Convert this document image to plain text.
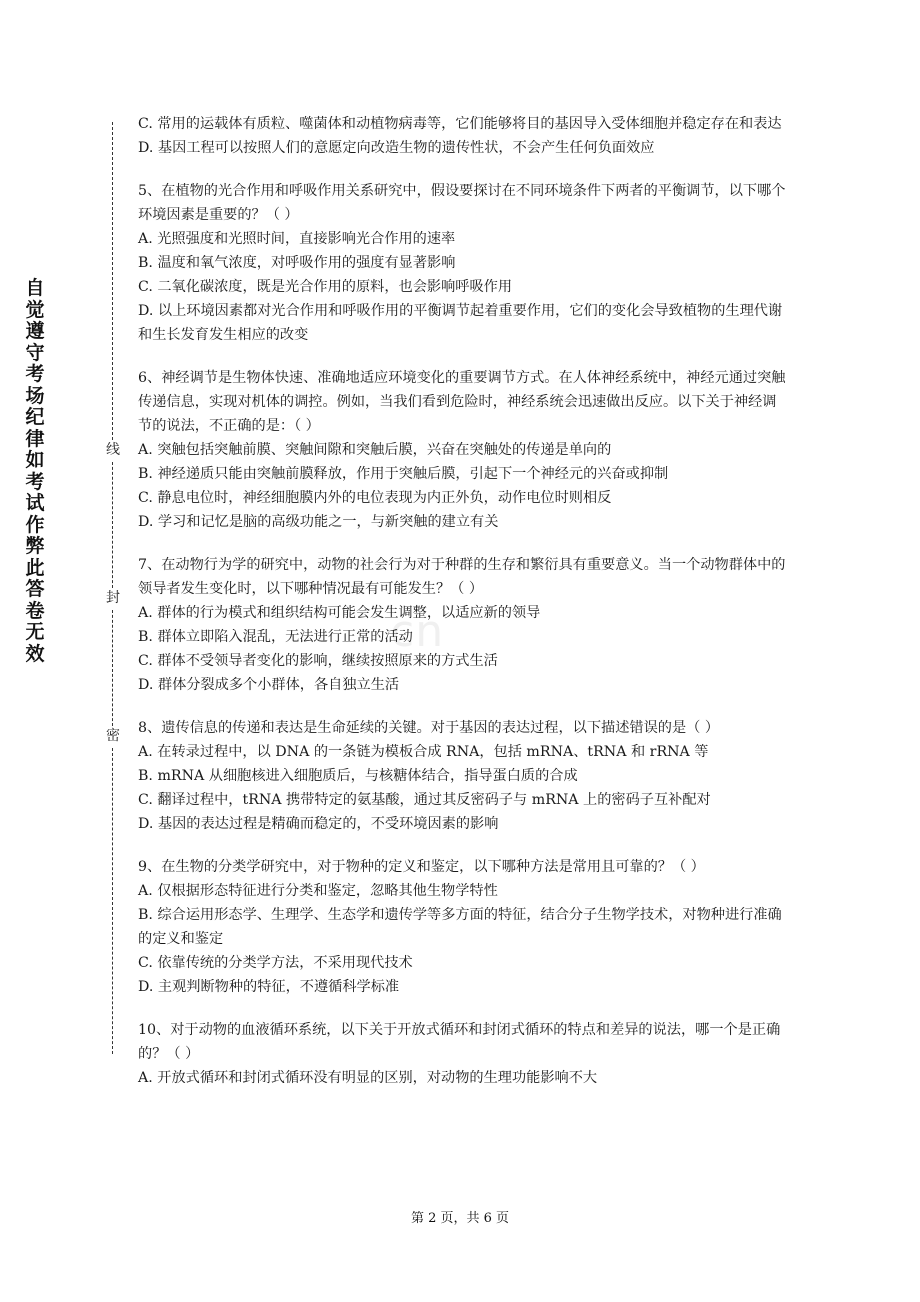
自觉遵守考场纪律如考试作弊此答卷无效
线
封
密
cn

C. 常用的运载体有质粒、噬菌体和动植物病毒等，它们能够将目的基因导入受体细胞并稳定存在和表达

D. 基因工程可以按照人们的意愿定向改造生物的遗传性状，不会产生任何负面效应

5、在植物的光合作用和呼吸作用关系研究中，假设要探讨在不同环境条件下两者的平衡调节，以下哪个环境因素是重要的？（ ）

A. 光照强度和光照时间，直接影响光合作用的速率

B. 温度和氧气浓度，对呼吸作用的强度有显著影响

C. 二氧化碳浓度，既是光合作用的原料，也会影响呼吸作用

D. 以上环境因素都对光合作用和呼吸作用的平衡调节起着重要作用，它们的变化会导致植物的生理代谢和生长发育发生相应的改变

6、神经调节是生物体快速、准确地适应环境变化的重要调节方式。在人体神经系统中，神经元通过突触传递信息，实现对机体的调控。例如，当我们看到危险时，神经系统会迅速做出反应。以下关于神经调节的说法，不正确的是：（ ）

A. 突触包括突触前膜、突触间隙和突触后膜，兴奋在突触处的传递是单向的

B. 神经递质只能由突触前膜释放，作用于突触后膜，引起下一个神经元的兴奋或抑制

C. 静息电位时，神经细胞膜内外的电位表现为内正外负，动作电位时则相反

D. 学习和记忆是脑的高级功能之一，与新突触的建立有关

7、在动物行为学的研究中，动物的社会行为对于种群的生存和繁衍具有重要意义。当一个动物群体中的领导者发生变化时，以下哪种情况最有可能发生？（ ）

A. 群体的行为模式和组织结构可能会发生调整，以适应新的领导

B. 群体立即陷入混乱，无法进行正常的活动

C. 群体不受领导者变化的影响，继续按照原来的方式生活

D. 群体分裂成多个小群体，各自独立生活

8、遗传信息的传递和表达是生命延续的关键。对于基因的表达过程，以下描述错误的是（ ）

A. 在转录过程中，以 DNA 的一条链为模板合成 RNA，包括 mRNA、tRNA 和 rRNA 等

B. mRNA 从细胞核进入细胞质后，与核糖体结合，指导蛋白质的合成

C. 翻译过程中，tRNA 携带特定的氨基酸，通过其反密码子与 mRNA 上的密码子互补配对

D. 基因的表达过程是精确而稳定的，不受环境因素的影响

9、在生物的分类学研究中，对于物种的定义和鉴定，以下哪种方法是常用且可靠的？（ ）

A. 仅根据形态特征进行分类和鉴定，忽略其他生物学特性

B. 综合运用形态学、生理学、生态学和遗传学等多方面的特征，结合分子生物学技术，对物种进行准确的定义和鉴定

C. 依靠传统的分类学方法，不采用现代技术

D. 主观判断物种的特征，不遵循科学标准

10、对于动物的血液循环系统，以下关于开放式循环和封闭式循环的特点和差异的说法，哪一个是正确的？（ ）

A. 开放式循环和封闭式循环没有明显的区别，对动物的生理功能影响不大

第 2 页，共 6 页
